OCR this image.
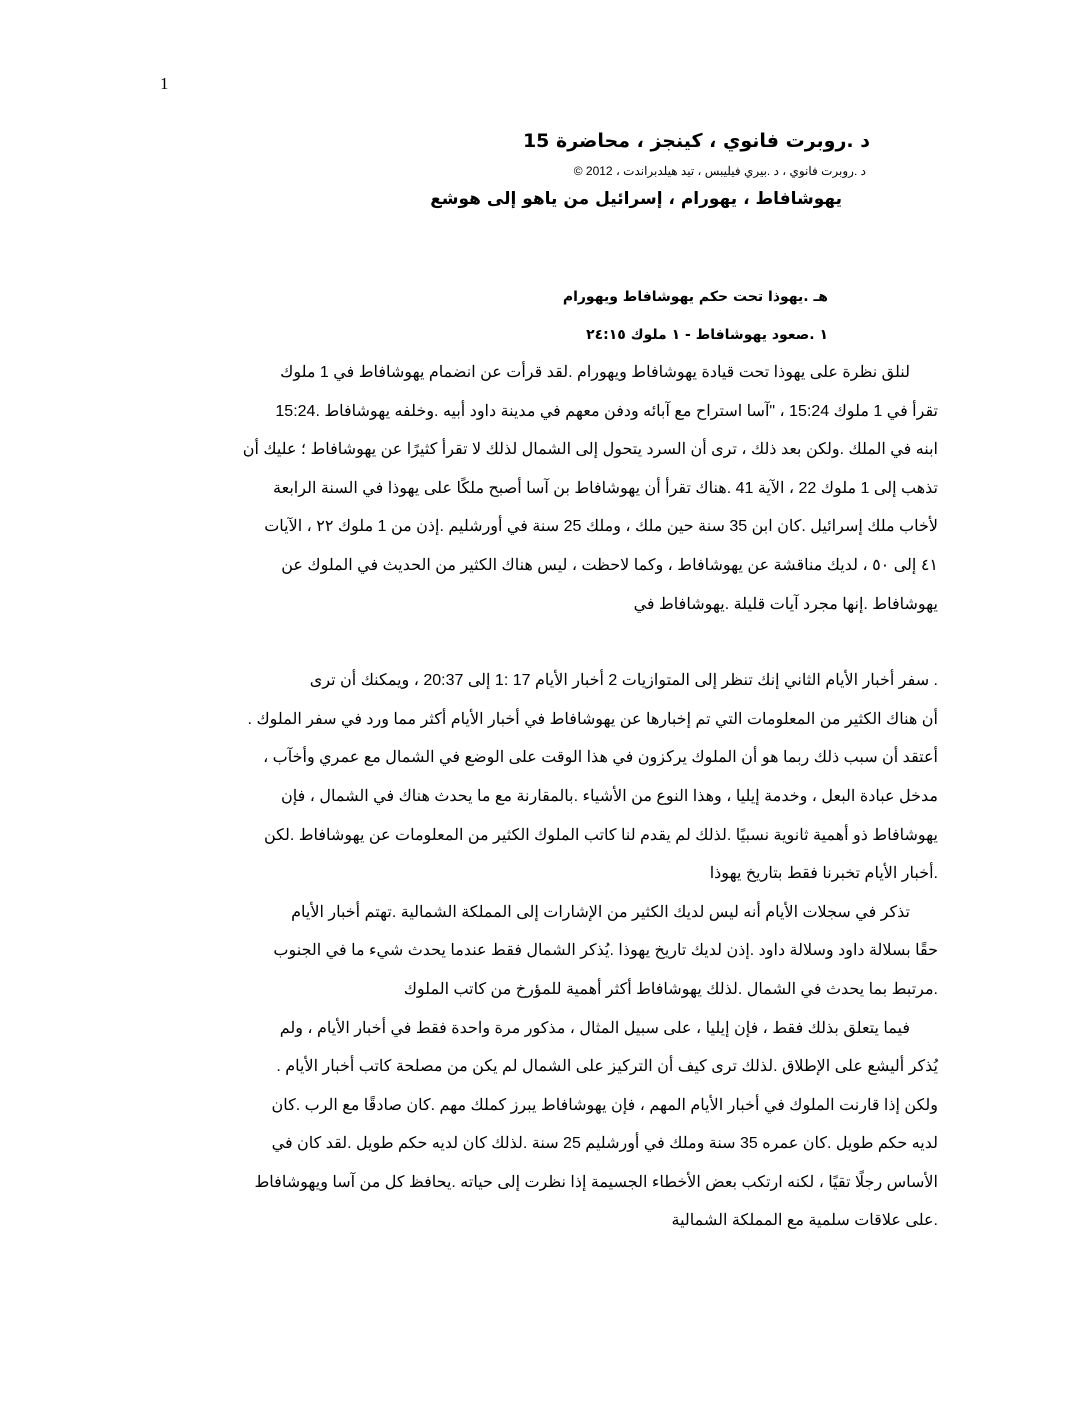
1

د .روبرت فانوي ، كينجز ، محاضرة 15

د .روبرت فانوي ، د .بيري فيليبس ، تيد هيلدبراندت ، 2012 ©

يهوشافاط ، يهورام ، إسرائيل من ياهو إلى هوشع

هـ .يهوذا تحت حكم يهوشافاط ويهورام
١ .صعود يهوشافاط - ١ ملوك ٢٤:١٥
لنلق نظرة على يهوذا تحت قيادة يهوشافاط ويهورام .لقد قرأت عن انضمام يهوشافاط في 1 ملوك
تقرأ في 1 ملوك 15:24 ، "آسا استراح مع آبائه ودفن معهم في مدينة داود أبيه .وخلفه يهوشافاط .15:24
ابنه في الملك .ولكن بعد ذلك ، ترى أن السرد يتحول إلى الشمال لذلك لا تقرأ كثيرًا عن يهوشافاط ؛ عليك أن
تذهب إلى 1 ملوك 22 ، الآية 41 .هناك تقرأ أن يهوشافاط بن آسا أصبح ملكًا على يهوذا في السنة الرابعة
لأخاب ملك إسرائيل .كان ابن 35 سنة حين ملك ، وملك 25 سنة في أورشليم .إذن من 1 ملوك ٢٢ ، الآيات
٤١ إلى ٥٠ ، لديك مناقشة عن يهوشافاط ، وكما لاحظت ، ليس هناك الكثير من الحديث في الملوك عن
يهوشافاط .إنها مجرد آيات قليلة .يهوشافاط في
. سفر أخبار الأيام الثاني إنك تنظر إلى المتوازيات 2 أخبار الأيام 17 :1 إلى 20:37 ، ويمكنك أن ترى
أن هناك الكثير من المعلومات التي تم إخبارها عن يهوشافاط في أخبار الأيام أكثر مما ورد في سفر الملوك .
أعتقد أن سبب ذلك ربما هو أن الملوك يركزون في هذا الوقت على الوضع في الشمال مع عمري وأخآب ،
مدخل عبادة البعل ، وخدمة إيليا ، وهذا النوع من الأشياء .بالمقارنة مع ما يحدث هناك في الشمال ، فإن
يهوشافاط ذو أهمية ثانوية نسبيًا .لذلك لم يقدم لنا كاتب الملوك الكثير من المعلومات عن يهوشافاط .لكن
.أخبار الأيام تخبرنا فقط بتاريخ يهوذا
تذكر في سجلات الأيام أنه ليس لديك الكثير من الإشارات إلى المملكة الشمالية .تهتم أخبار الأيام
حقًا بسلالة داود وسلالة داود .إذن لديك تاريخ يهوذا .يُذكر الشمال فقط عندما يحدث شيء ما في الجنوب
.مرتبط بما يحدث في الشمال .لذلك يهوشافاط أكثر أهمية للمؤرخ من كاتب الملوك
فيما يتعلق بذلك فقط ، فإن إيليا ، على سبيل المثال ، مذكور مرة واحدة فقط في أخبار الأيام ، ولم
يُذكر أليشع على الإطلاق .لذلك ترى كيف أن التركيز على الشمال لم يكن من مصلحة كاتب أخبار الأيام .
ولكن إذا قارنت الملوك في أخبار الأيام المهم ، فإن يهوشافاط يبرز كملك مهم .كان صادقًا مع الرب .كان
لديه حكم طويل .كان عمره 35 سنة وملك في أورشليم 25 سنة .لذلك كان لديه حكم طويل .لقد كان في
الأساس رجلًا تقيًا ، لكنه ارتكب بعض الأخطاء الجسيمة إذا نظرت إلى حياته .يحافظ كل من آسا ويهوشافاط
.على علاقات سلمية مع المملكة الشمالية
